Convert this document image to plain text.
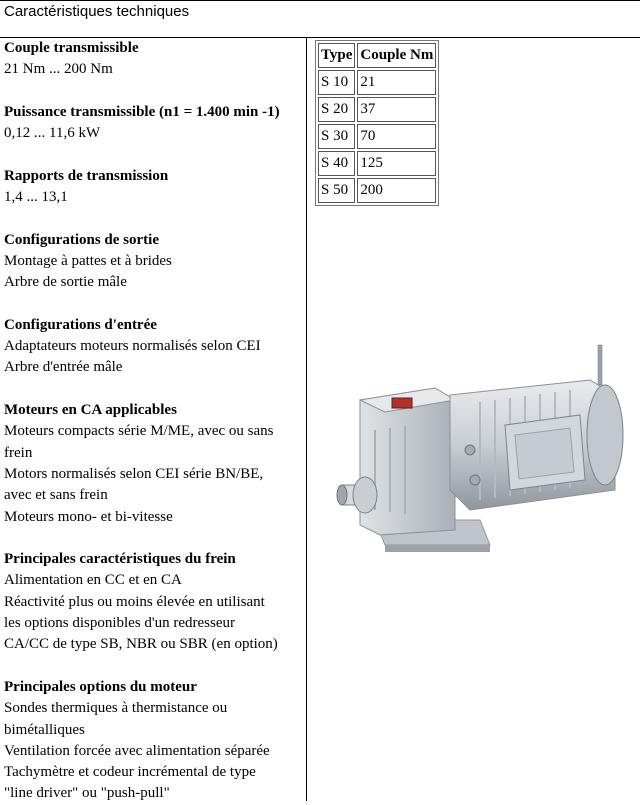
Caractéristiques techniques
Couple transmissible
21 Nm ... 200 Nm
Puissance transmissible (n1 = 1.400 min -1)
0,12 ... 11,6 kW
Rapports de transmission
1,4 ... 13,1
Configurations de sortie
Montage à pattes et à brides
Arbre de sortie mâle
Configurations d'entrée
Adaptateurs moteurs normalisés selon CEI
Arbre d'entrée mâle
Moteurs en CA applicables
Moteurs compacts série M/ME, avec ou sans
frein
Motors normalisés selon CEI série BN/BE,
avec et sans frein
Moteurs mono- et bi-vitesse
Principales caractéristiques du frein
Alimentation en CC et en CA
Réactivité plus ou moins élevée en utilisant
les options disponibles d'un redresseur
CA/CC de type SB, NBR ou SBR (en option)
Principales options du moteur
Sondes thermiques à thermistance ou
bimétalliques
Ventilation forcée avec alimentation séparée
Tachymètre et codeur incrémental de type
"line driver" ou "push-pull"
Type	Couple Nm
S 10	21
S 20	37
S 30	70
S 40	125
S 50	200
